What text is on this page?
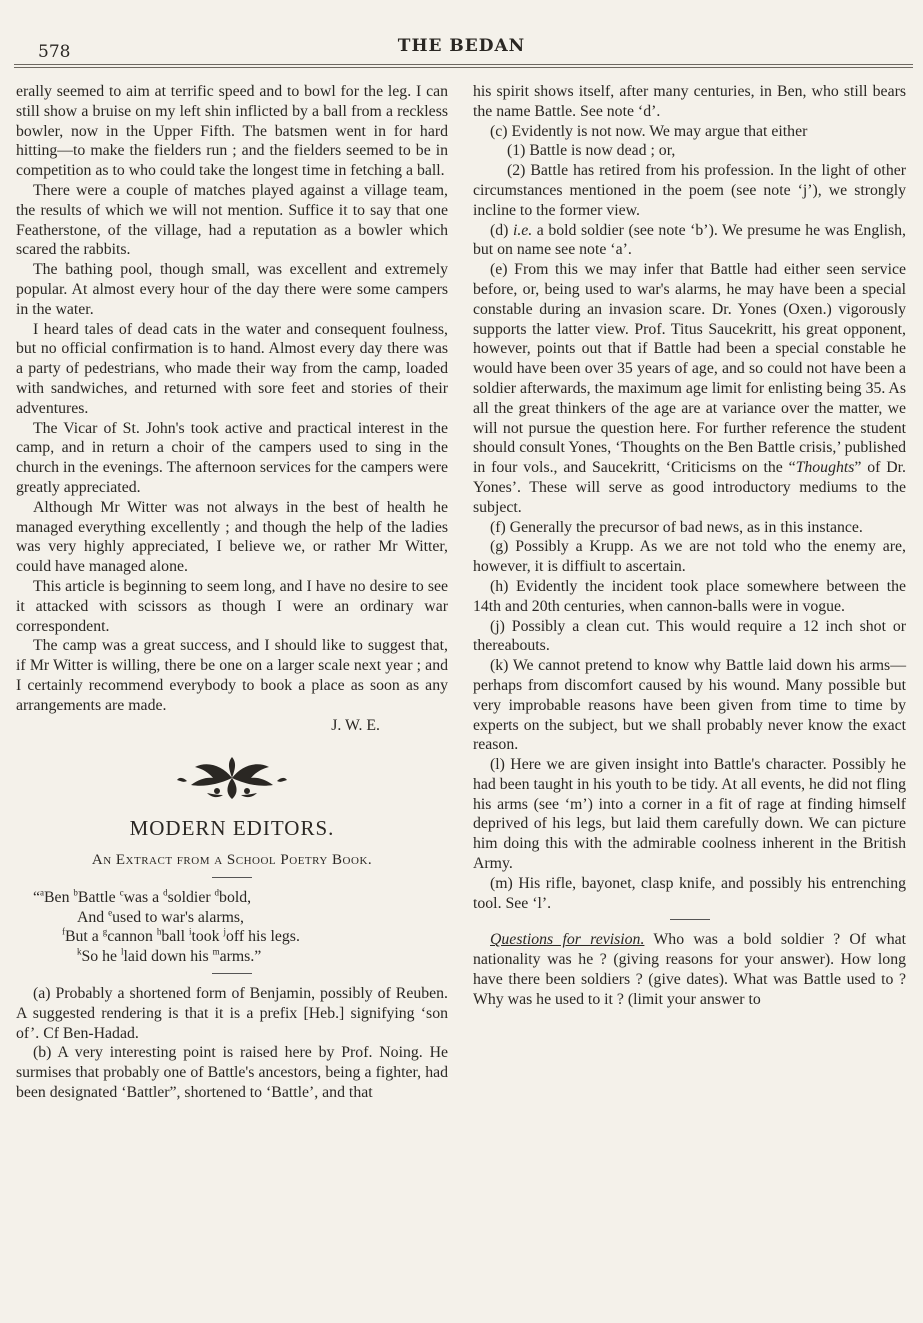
578	THE BEDAN

erally seemed to aim at terrific speed and to bowl for the leg. I can still show a bruise on my left shin inflicted by a ball from a reckless bowler, now in the Upper Fifth. The batsmen went in for hard hitting—to make the fielders run ; and the fielders seemed to be in competition as to who could take the longest time in fetching a ball.

There were a couple of matches played against a village team, the results of which we will not mention. Suffice it to say that one Featherstone, of the village, had a reputation as a bowler which scared the rabbits.

The bathing pool, though small, was excellent and extremely popular. At almost every hour of the day there were some campers in the water.

I heard tales of dead cats in the water and consequent foulness, but no official confirmation is to hand. Almost every day there was a party of pedestrians, who made their way from the camp, loaded with sandwiches, and returned with sore feet and stories of their adventures.

The Vicar of St. John's took active and practical interest in the camp, and in return a choir of the campers used to sing in the church in the evenings. The afternoon services for the campers were greatly appreciated.

Although Mr Witter was not always in the best of health he managed everything excellently ; and though the help of the ladies was very highly appreciated, I believe we, or rather Mr Witter, could have managed alone.

This article is beginning to seem long, and I have no desire to see it attacked with scissors as though I were an ordinary war correspondent.

The camp was a great success, and I should like to suggest that, if Mr Witter is willing, there be one on a larger scale next year ; and I certainly recommend everybody to book a place as soon as any arrangements are made.

J. W. E.

MODERN EDITORS.
An Extract from a School Poetry Book.

“$^a$Ben $^b$Battle $^c$was a $^d$soldier $^d$bold,

And $^e$used to war's alarms,

$^f$But a $^g$cannon $^h$ball $^i$took $^j$off his legs.

$^k$So he $^l$laid down his $^m$arms.”

(a) Probably a shortened form of Benjamin, possibly of Reuben. A suggested rendering is that it is a prefix [Heb.] signifying ‘son of’. Cf Ben-Hadad.

(b) A very interesting point is raised here by Prof. Noing. He surmises that probably one of Battle's ancestors, being a fighter, had been designated ‘Battler”, shortened to ‘Battle’, and that

his spirit shows itself, after many centuries, in Ben, who still bears the name Battle. See note ‘d’.

(c) Evidently is not now. We may argue that either

(1) Battle is now dead ; or,

(2) Battle has retired from his profession. In the light of other circumstances mentioned in the poem (see note ‘j’), we strongly incline to the former view.

(d) i.e. a bold soldier (see note ‘b’). We presume he was English, but on name see note ‘a’.

(e) From this we may infer that Battle had either seen service before, or, being used to war's alarms, he may have been a special constable during an invasion scare. Dr. Yones (Oxen.) vigorously supports the latter view. Prof. Titus Saucekritt, his great opponent, however, points out that if Battle had been a special constable he would have been over 35 years of age, and so could not have been a soldier afterwards, the maximum age limit for enlisting being 35. As all the great thinkers of the age are at variance over the matter, we will not pursue the question here. For further reference the student should consult Yones, ‘Thoughts on the Ben Battle crisis,’ published in four vols., and Saucekritt, ‘Criticisms on the “Thoughts” of Dr. Yones’. These will serve as good introductory mediums to the subject.

(f) Generally the precursor of bad news, as in this instance.

(g) Possibly a Krupp. As we are not told who the enemy are, however, it is diffiult to ascertain.

(h) Evidently the incident took place somewhere between the 14th and 20th centuries, when cannon-balls were in vogue.

(j) Possibly a clean cut. This would require a 12 inch shot or thereabouts.

(k) We cannot pretend to know why Battle laid down his arms—perhaps from discomfort caused by his wound. Many possible but very improbable reasons have been given from time to time by experts on the subject, but we shall probably never know the exact reason.

(l) Here we are given insight into Battle's character. Possibly he had been taught in his youth to be tidy. At all events, he did not fling his arms (see ‘m’) into a corner in a fit of rage at finding himself deprived of his legs, but laid them carefully down. We can picture him doing this with the admirable coolness inherent in the British Army.

(m) His rifle, bayonet, clasp knife, and possibly his entrenching tool. See ‘l’.

Questions for revision. Who was a bold soldier ? Of what nationality was he ? (giving reasons for your answer). How long have there been soldiers ? (give dates). What was Battle used to ? Why was he used to it ? (limit your answer to
